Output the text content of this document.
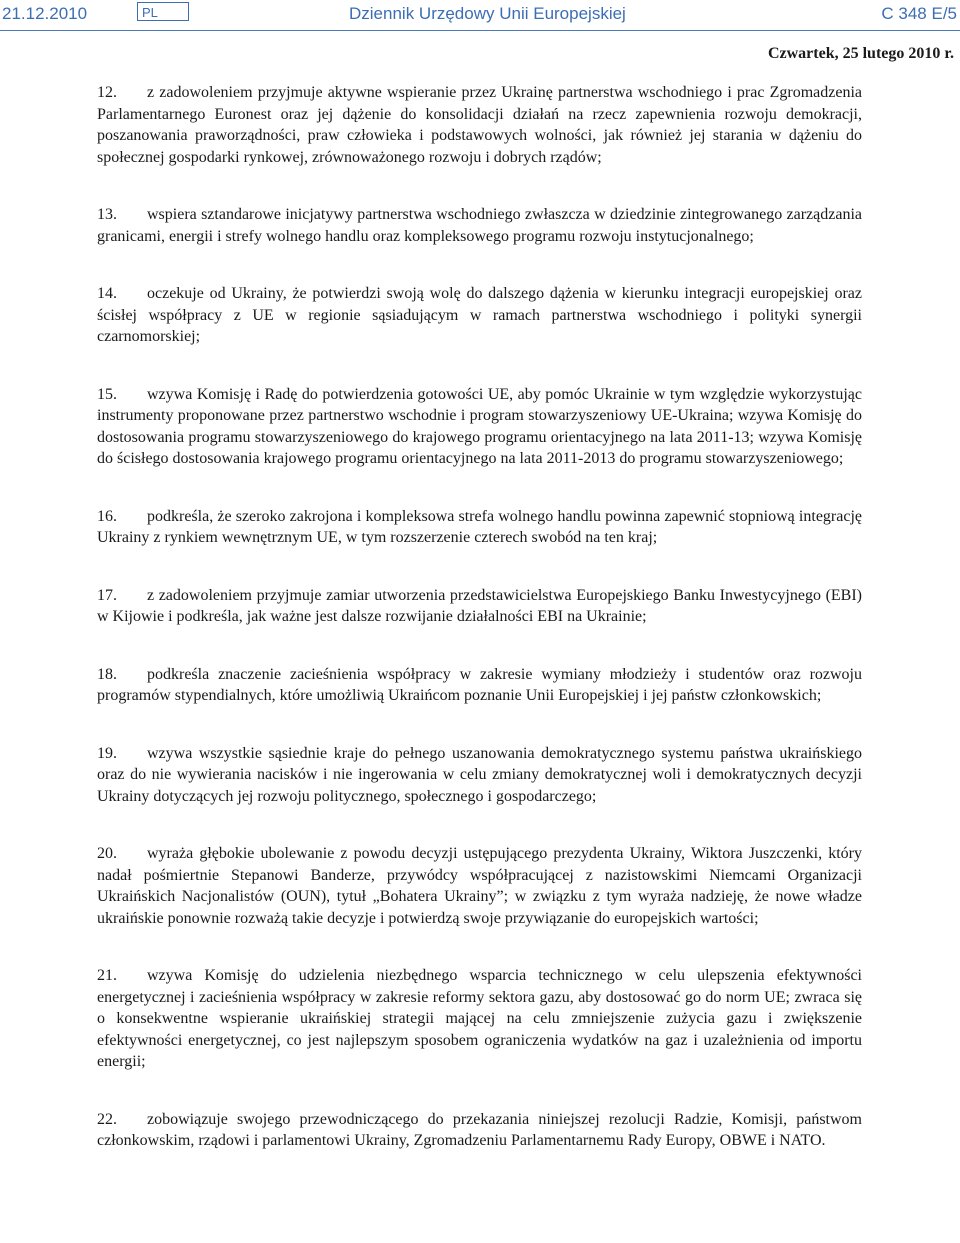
21.12.2010	PL	Dziennik Urzędowy Unii Europejskiej	C 348 E/5
Czwartek, 25 lutego 2010 r.

12. z zadowoleniem przyjmuje aktywne wspieranie przez Ukrainę partnerstwa wschodniego i prac Zgromadzenia Parlamentarnego Euronest oraz jej dążenie do konsolidacji działań na rzecz zapewnienia rozwoju demokracji, poszanowania praworządności, praw człowieka i podstawowych wolności, jak również jej starania w dążeniu do społecznej gospodarki rynkowej, zrównoważonego rozwoju i dobrych rządów;

13. wspiera sztandarowe inicjatywy partnerstwa wschodniego zwłaszcza w dziedzinie zintegrowanego zarządzania granicami, energii i strefy wolnego handlu oraz kompleksowego programu rozwoju instytucjonalnego;

14. oczekuje od Ukrainy, że potwierdzi swoją wolę do dalszego dążenia w kierunku integracji europejskiej oraz ścisłej współpracy z UE w regionie sąsiadującym w ramach partnerstwa wschodniego i polityki synergii czarnomorskiej;

15. wzywa Komisję i Radę do potwierdzenia gotowości UE, aby pomóc Ukrainie w tym względzie wykorzystując instrumenty proponowane przez partnerstwo wschodnie i program stowarzyszeniowy UE-Ukraina; wzywa Komisję do dostosowania programu stowarzyszeniowego do krajowego programu orientacyjnego na lata 2011-13; wzywa Komisję do ścisłego dostosowania krajowego programu orientacyjnego na lata 2011-2013 do programu stowarzyszeniowego;

16. podkreśla, że szeroko zakrojona i kompleksowa strefa wolnego handlu powinna zapewnić stopniową integrację Ukrainy z rynkiem wewnętrznym UE, w tym rozszerzenie czterech swobód na ten kraj;

17. z zadowoleniem przyjmuje zamiar utworzenia przedstawicielstwa Europejskiego Banku Inwestycyjnego (EBI) w Kijowie i podkreśla, jak ważne jest dalsze rozwijanie działalności EBI na Ukrainie;

18. podkreśla znaczenie zacieśnienia współpracy w zakresie wymiany młodzieży i studentów oraz rozwoju programów stypendialnych, które umożliwią Ukraińcom poznanie Unii Europejskiej i jej państw członkowskich;

19. wzywa wszystkie sąsiednie kraje do pełnego uszanowania demokratycznego systemu państwa ukraińskiego oraz do nie wywierania nacisków i nie ingerowania w celu zmiany demokratycznej woli i demokratycznych decyzji Ukrainy dotyczących jej rozwoju politycznego, społecznego i gospodarczego;

20. wyraża głębokie ubolewanie z powodu decyzji ustępującego prezydenta Ukrainy, Wiktora Juszczenki, który nadał pośmiertnie Stepanowi Banderze, przywódcy współpracującej z nazistowskimi Niemcami Organizacji Ukraińskich Nacjonalistów (OUN), tytuł „Bohatera Ukrainy”; w związku z tym wyraża nadzieję, że nowe władze ukraińskie ponownie rozważą takie decyzje i potwierdzą swoje przywiązanie do europejskich wartości;

21. wzywa Komisję do udzielenia niezbędnego wsparcia technicznego w celu ulepszenia efektywności energetycznej i zacieśnienia współpracy w zakresie reformy sektora gazu, aby dostosować go do norm UE; zwraca się o konsekwentne wspieranie ukraińskiej strategii mającej na celu zmniejszenie zużycia gazu i zwiększenie efektywności energetycznej, co jest najlepszym sposobem ograniczenia wydatków na gaz i uzależnienia od importu energii;

22. zobowiązuje swojego przewodniczącego do przekazania niniejszej rezolucji Radzie, Komisji, państwom członkowskim, rządowi i parlamentowi Ukrainy, Zgromadzeniu Parlamentarnemu Rady Europy, OBWE i NATO.
